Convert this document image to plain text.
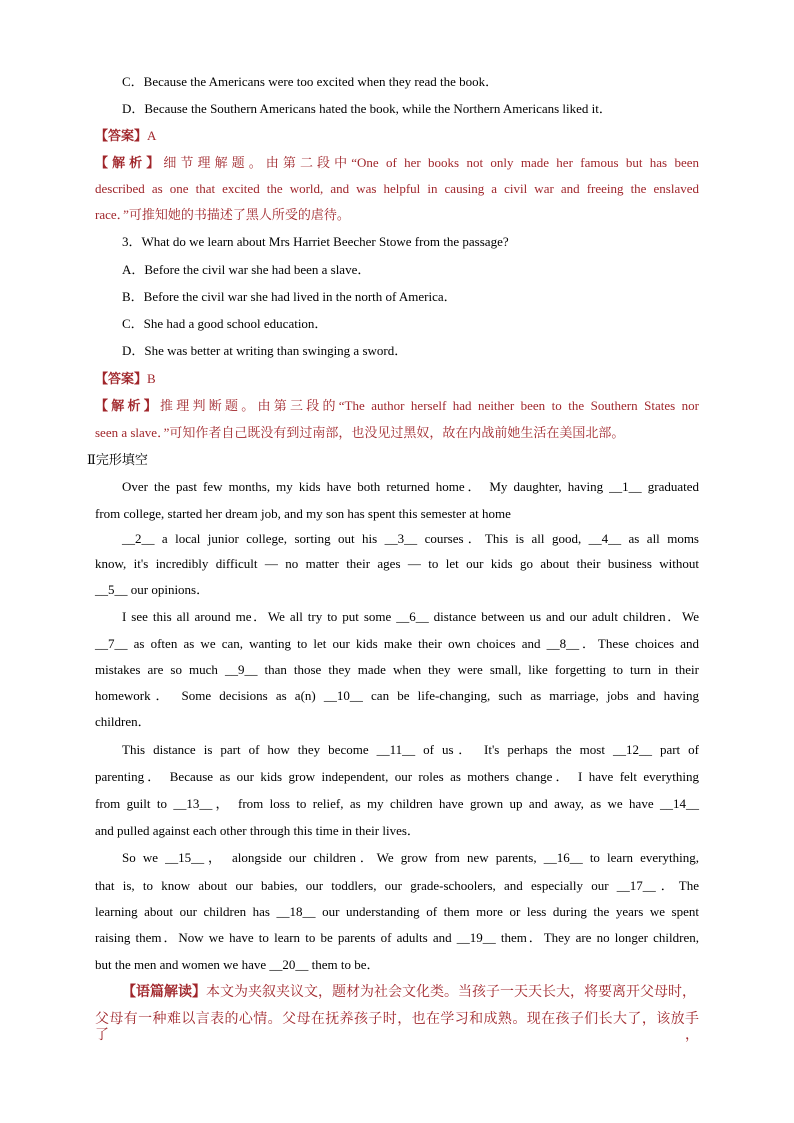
C．Because the Americans were too excited when they read the book．
D．Because the Southern Americans hated the book, while the Northern Americans liked it．
【答案】A
【解析】细节理解题。由第二段中“One of her books not only made her famous but has been
described as one that excited the world, and was helpful in causing a civil war and freeing the enslaved
race．”可推知她的书描述了黑人所受的虐待。
3．What do we learn about Mrs Harriet Beecher Stowe from the passage?
A．Before the civil war she had been a slave．
B．Before the civil war she had lived in the north of America．
C．She had a good school education．
D．She was better at writing than swinging a sword．
【答案】B
【解析】推理判断题。由第三段的“The author herself had neither been to the Southern States nor
seen a slave．”可知作者自己既没有到过南部，也没见过黑奴，故在内战前她生活在美国北部。
Ⅱ完形填空
Over the past few months, my kids have both returned home． My daughter, having __1__ graduated
from college, started her dream job, and my son has spent this semester at home
__2__ a local junior college, sorting out his __3__ courses．This is all good, __4__ as all moms
know, it's incredibly difficult — no matter their ages — to let our kids go about their business without
__5__ our opinions．
I see this all around me．We all try to put some __6__ distance between us and our adult children．We
__7__ as often as we can, wanting to let our kids make their own choices and __8__．These choices and
mistakes are so much __9__ than those they made when they were small, like forgetting to turn in their
homework． Some decisions as a(n) __10__ can be life-changing, such as marriage, jobs and having
children．
This distance is part of how they become __11__ of us． It's perhaps the most __12__ part of
parenting． Because as our kids grow independent, our roles as mothers change． I have felt everything
from guilt to __13__， from loss to relief, as my children have grown up and away, as we have __14__
and pulled against each other through this time in their lives．
So we __15__， alongside our children．We grow from new parents, __16__ to learn everything,
that is, to know about our babies, our toddlers, our grade-schoolers, and especially our __17__．The
learning about our children has __18__ our understanding of them more or less during the years we spent
raising them．Now we have to learn to be parents of adults and __19__ them．They are no longer children,
but the men and women we have __20__ them to be．
【语篇解读】本文为夹叙夹议文，题材为社会文化类。当孩子一天天长大，将要离开父母时，
父母有一种难以言表的心情。父母在抚养孩子时，也在学习和成熟。现在孩子们长大了，该放手了，
